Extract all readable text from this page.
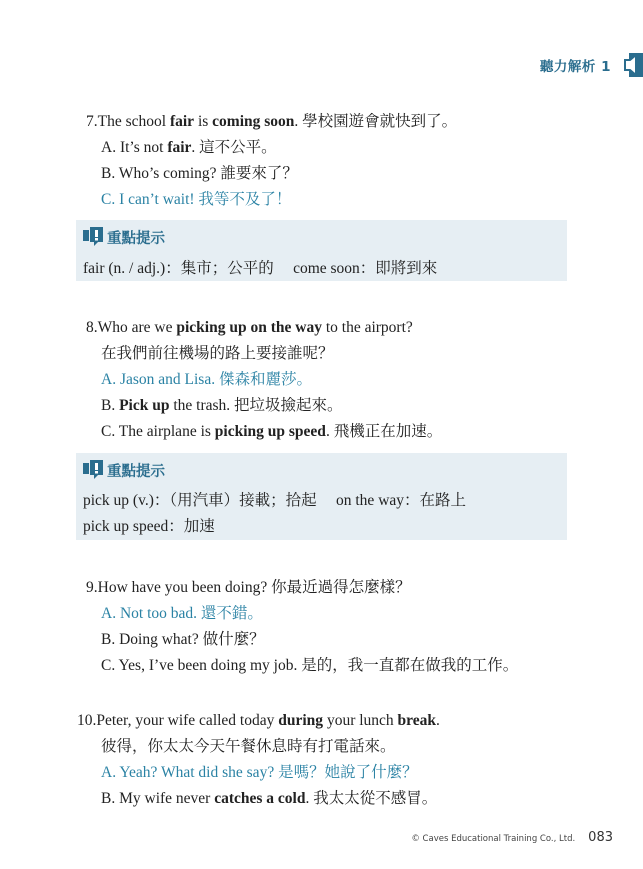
聽力解析 1
7.The school fair is coming soon. 學校園遊會就快到了。
A. It’s not fair. 這不公平。
B. Who’s coming? 誰要來了？
C. I can’t wait! 我等不及了！
重點提示
fair (n. / adj.)：集市；公平的　 come soon：即將到來
8.Who are we picking up on the way to the airport?
在我們前往機場的路上要接誰呢？
A. Jason and Lisa. 傑森和麗莎。
B. Pick up the trash. 把垃圾撿起來。
C. The airplane is picking up speed. 飛機正在加速。
重點提示
pick up (v.)：（用汽車）接載；拾起　 on the way：在路上
pick up speed：加速
9.How have you been doing? 你最近過得怎麼樣？
A. Not too bad. 還不錯。
B. Doing what? 做什麼？
C. Yes, I’ve been doing my job. 是的，我一直都在做我的工作。
10.Peter, your wife called today during your lunch break.
彼得，你太太今天午餐休息時有打電話來。
A. Yeah? What did she say? 是嗎？她說了什麼？
B. My wife never catches a cold. 我太太從不感冒。
© Caves Educational Training Co., Ltd. 083
